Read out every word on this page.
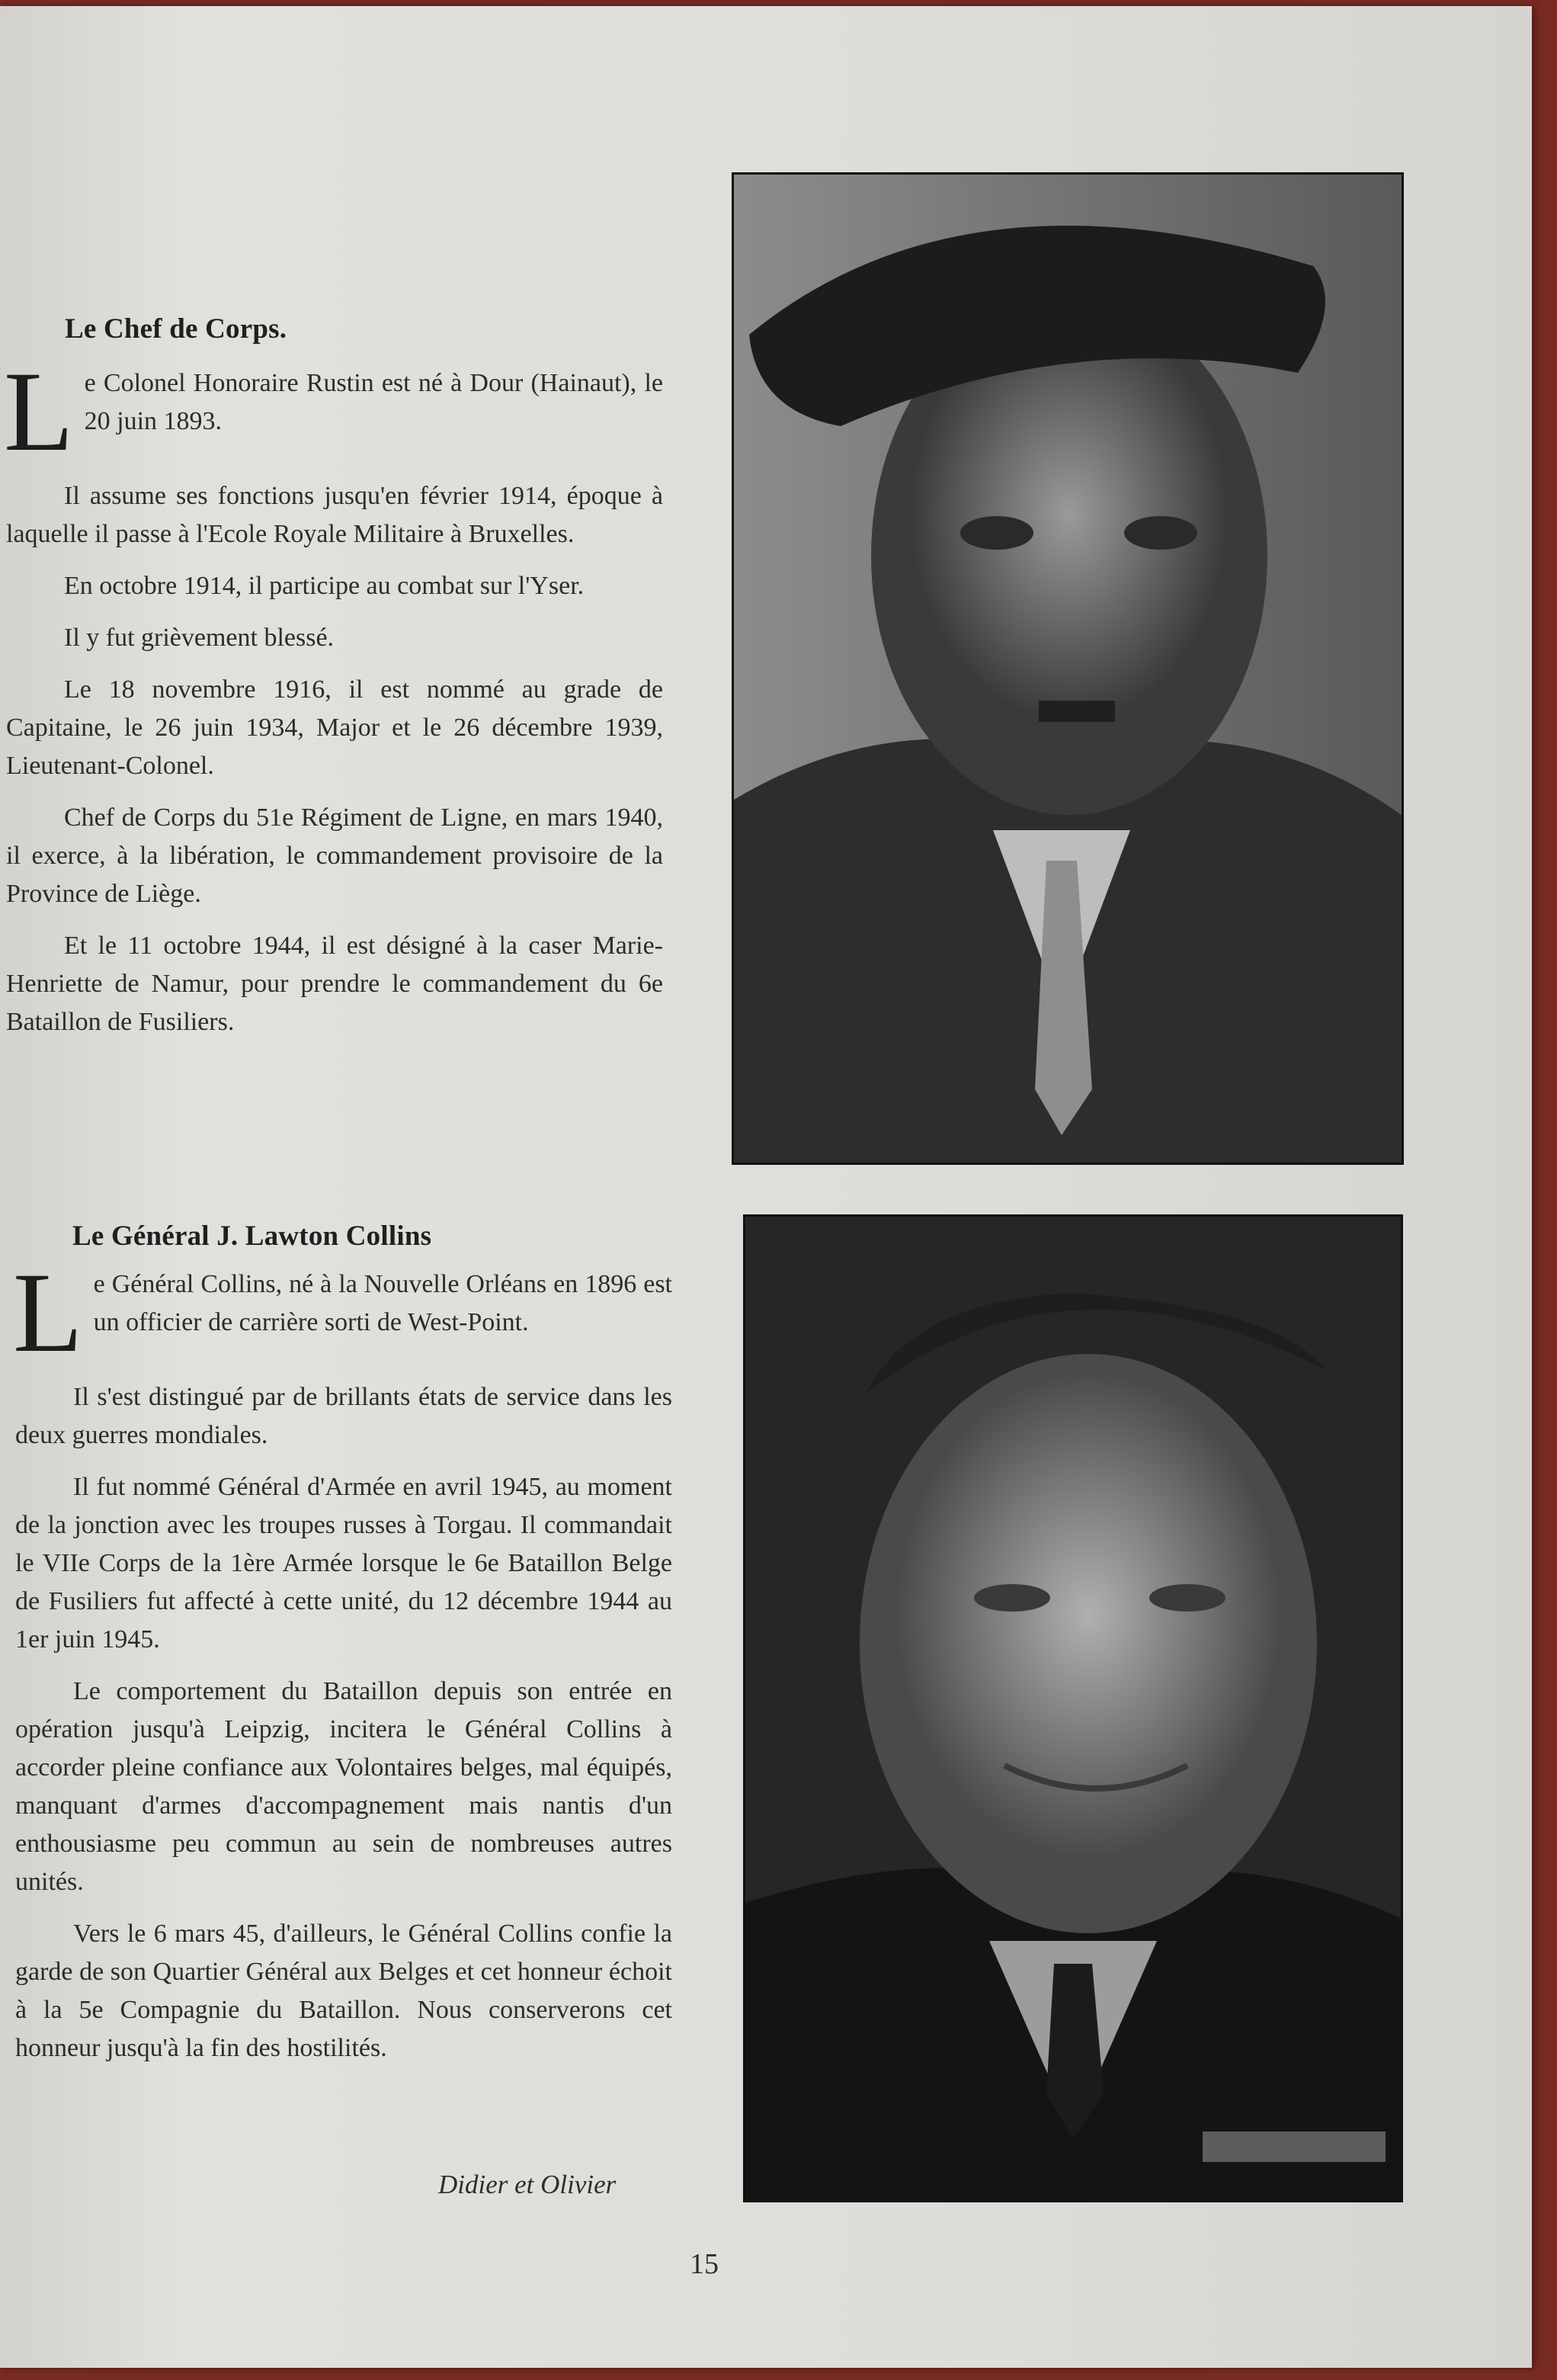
Le Chef de Corps.

Le Colonel Honoraire Rustin est né à Dour (Hainaut), le 20 juin 1893.

Il assume ses fonctions jusqu'en février 1914, époque à laquelle il passe à l'Ecole Royale Militaire à Bruxelles.

En octobre 1914, il participe au combat sur l'Yser.

Il y fut grièvement blessé.

Le 18 novembre 1916, il est nommé au grade de Capitaine, le 26 juin 1934, Major et le 26 décembre 1939, Lieutenant-Colonel.

Chef de Corps du 51e Régiment de Ligne, en mars 1940, il exerce, à la libération, le commandement provisoire de la Province de Liège.

Et le 11 octobre 1944, il est désigné à la caser Marie-Henriette de Namur, pour prendre le commandement du 6e Bataillon de Fusiliers.

Le Général J. Lawton Collins

Le Général Collins, né à la Nouvelle Orléans en 1896 est un officier de carrière sorti de West-Point.

Il s'est distingué par de brillants états de service dans les deux guerres mondiales.

Il fut nommé Général d'Armée en avril 1945, au moment de la jonction avec les troupes russes à Torgau. Il commandait le VIIe Corps de la 1ère Armée lorsque le 6e Bataillon Belge de Fusiliers fut affecté à cette unité, du 12 décembre 1944 au 1er juin 1945.

Le comportement du Bataillon depuis son entrée en opération jusqu'à Leipzig, incitera le Général Collins à accorder pleine confiance aux Volontaires belges, mal équipés, manquant d'armes d'accompagnement mais nantis d'un enthousiasme peu commun au sein de nombreuses autres unités.

Vers le 6 mars 45, d'ailleurs, le Général Collins confie la garde de son Quartier Général aux Belges et cet honneur échoit à la 5e Compagnie du Bataillon. Nous conserverons cet honneur jusqu'à la fin des hostilités.

Didier et Olivier
15
